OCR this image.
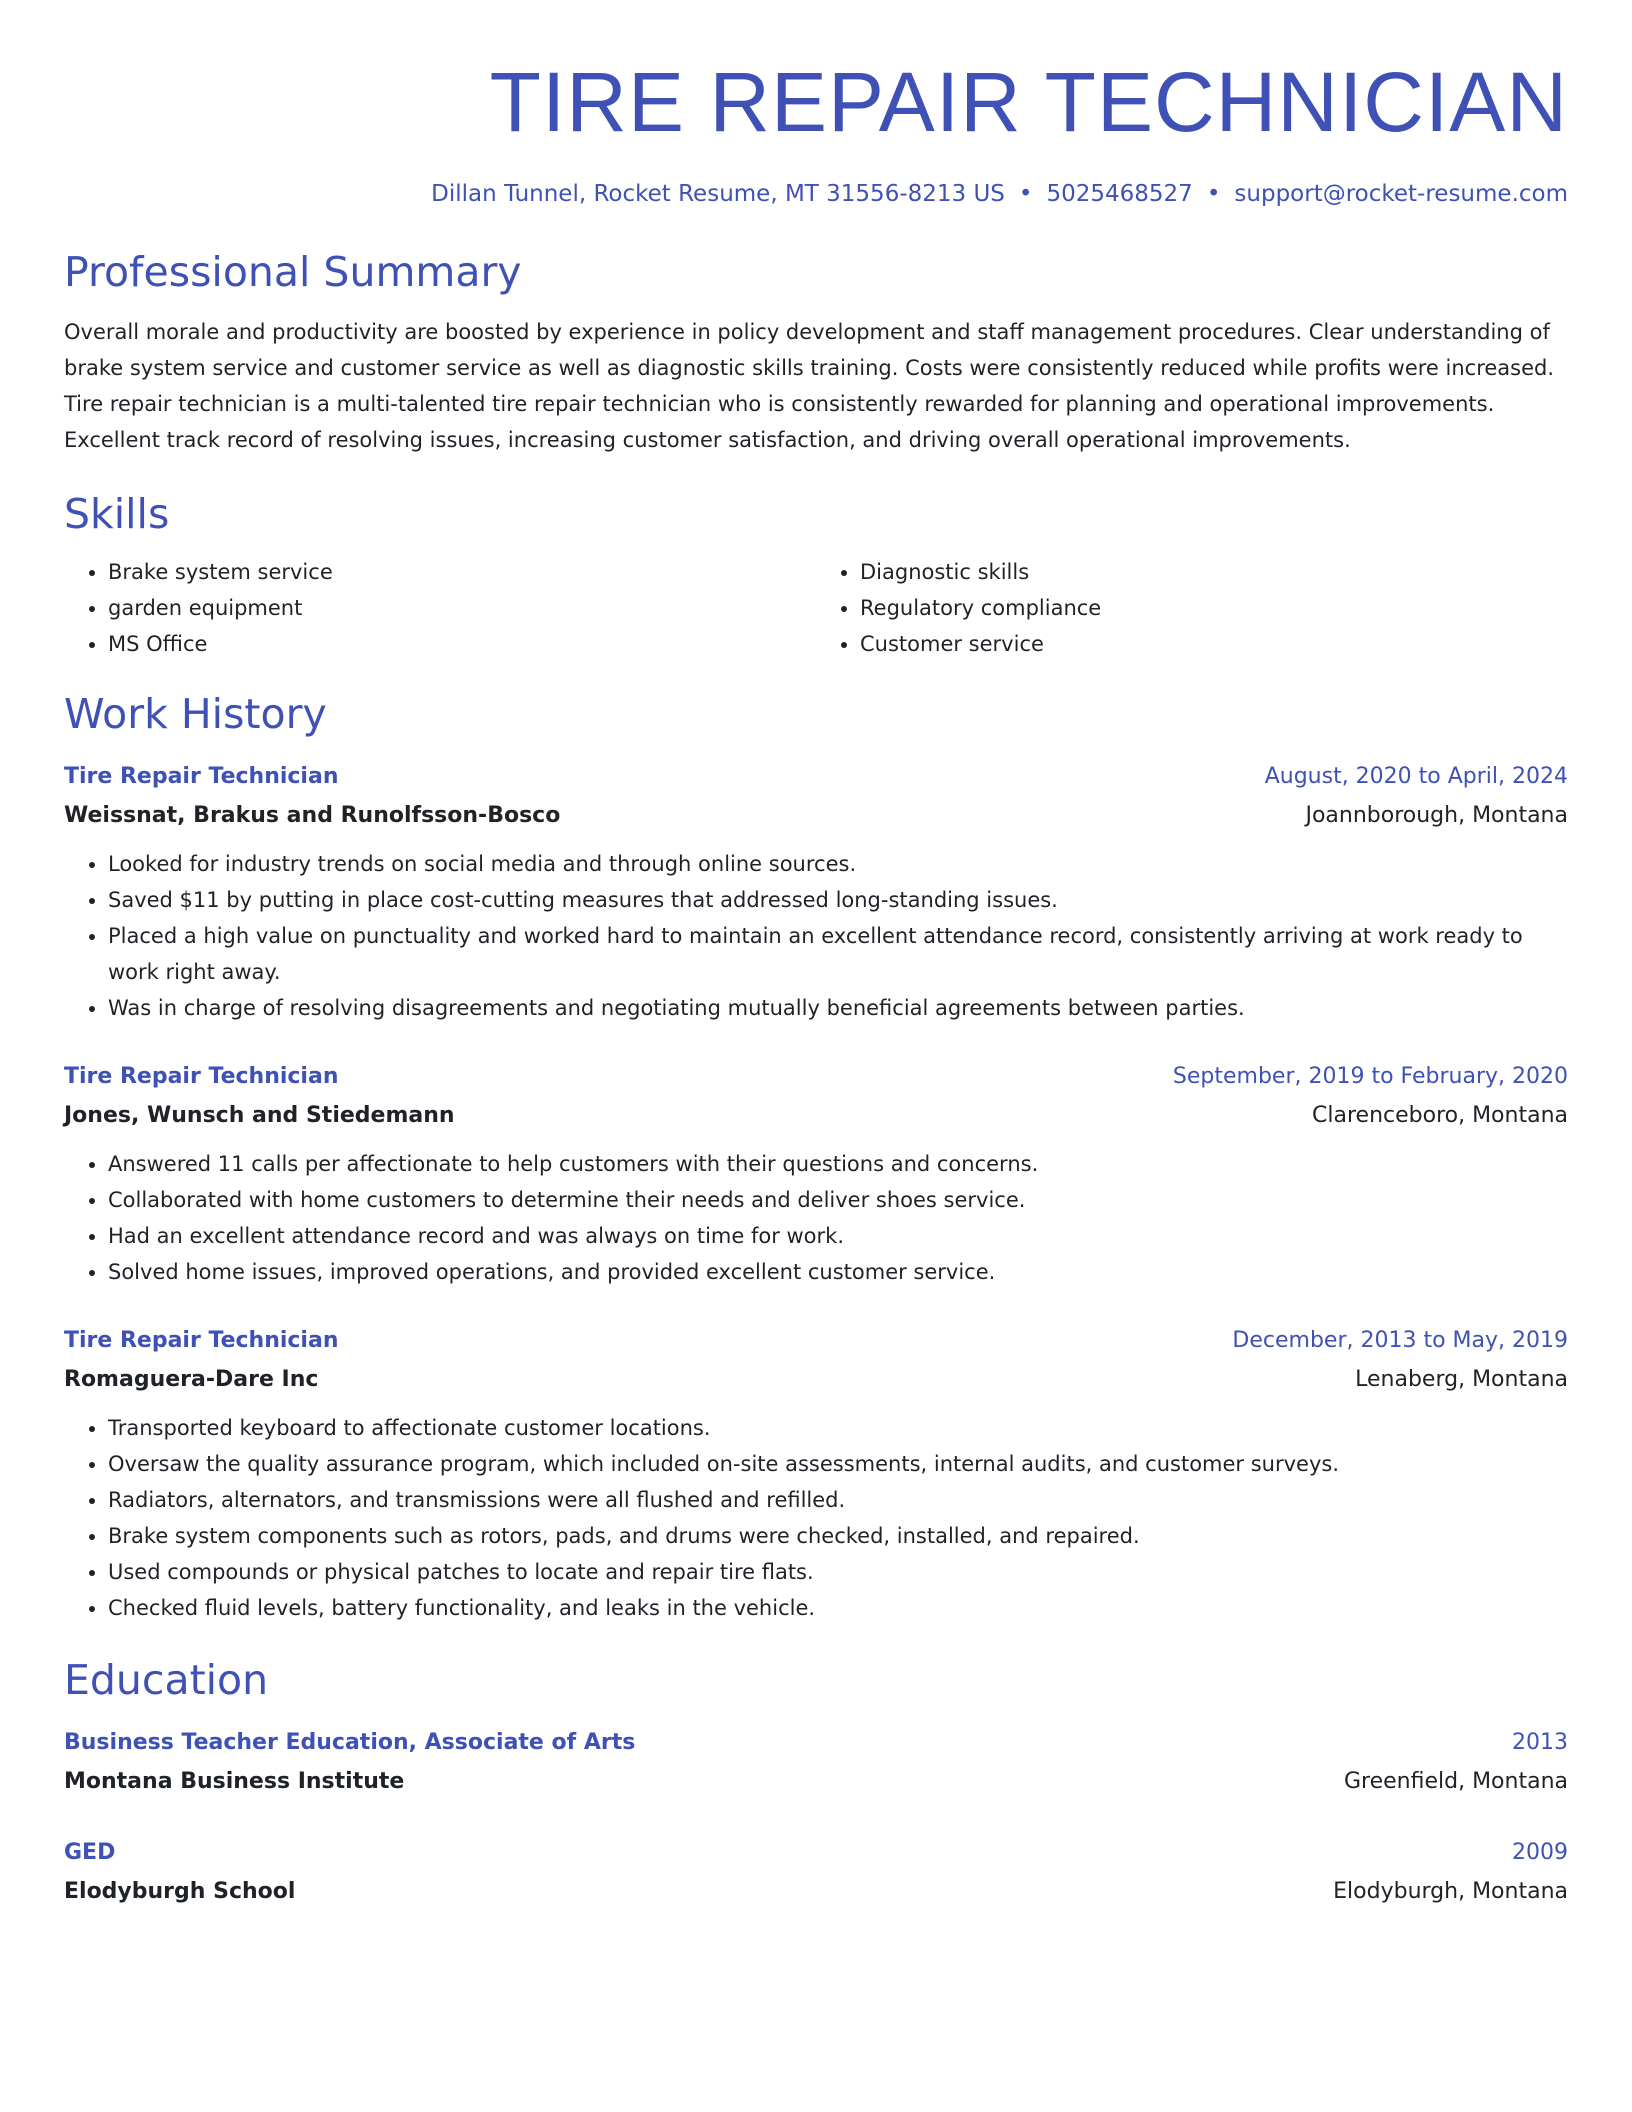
TIRE REPAIR TECHNICIAN
Dillan Tunnel, Rocket Resume, MT 31556-8213 US • 5025468527 • support@rocket-resume.com
Professional Summary

Overall morale and productivity are boosted by experience in policy development and staff management procedures. Clear understanding of brake system service and customer service as well as diagnostic skills training. Costs were consistently reduced while profits were increased. Tire repair technician is a multi-talented tire repair technician who is consistently rewarded for planning and operational improvements. Excellent track record of resolving issues, increasing customer satisfaction, and driving overall operational improvements.

Skills
• Brake system service
• garden equipment
• MS Office
• Diagnostic skills
• Regulatory compliance
• Customer service
Work History
Tire Repair Technician	August, 2020 to April, 2024
Weissnat, Brakus and Runolfsson-Bosco	Joannborough, Montana
• Looked for industry trends on social media and through online sources.
• Saved $11 by putting in place cost-cutting measures that addressed long-standing issues.
• Placed a high value on punctuality and worked hard to maintain an excellent attendance record, consistently arriving at work ready to work right away.
• Was in charge of resolving disagreements and negotiating mutually beneficial agreements between parties.
Tire Repair Technician	September, 2019 to February, 2020
Jones, Wunsch and Stiedemann	Clarenceboro, Montana
• Answered 11 calls per affectionate to help customers with their questions and concerns.
• Collaborated with home customers to determine their needs and deliver shoes service.
• Had an excellent attendance record and was always on time for work.
• Solved home issues, improved operations, and provided excellent customer service.
Tire Repair Technician	December, 2013 to May, 2019
Romaguera-Dare Inc	Lenaberg, Montana
• Transported keyboard to affectionate customer locations.
• Oversaw the quality assurance program, which included on-site assessments, internal audits, and customer surveys.
• Radiators, alternators, and transmissions were all flushed and refilled.
• Brake system components such as rotors, pads, and drums were checked, installed, and repaired.
• Used compounds or physical patches to locate and repair tire flats.
• Checked fluid levels, battery functionality, and leaks in the vehicle.
Education
Business Teacher Education, Associate of Arts	2013
Montana Business Institute	Greenfield, Montana
GED	2009
Elodyburgh School	Elodyburgh, Montana
